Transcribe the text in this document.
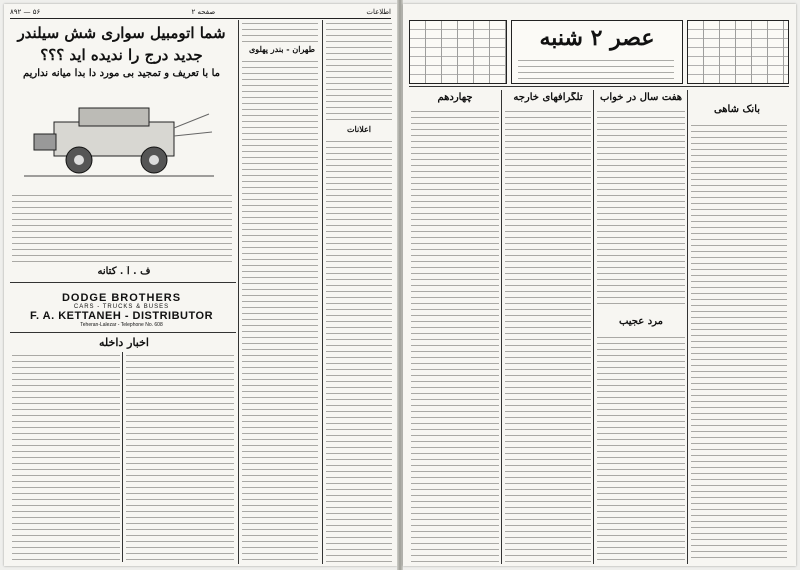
۸۹۲ — ۵۶	صفحه ۲	اطلاعات
شما اتومبیل سواری شش سیلندر
جدید درج را ندیده اید ؟؟؟
ما با تعریف و تمجید بی مورد دا بدا میانه نداریم
ف . آ . کتانه
DODGE BROTHERS
CARS - TRUCKS & BUSES
F. A. KETTANEH - DISTRIBUTOR
Teheran-Lalezar - Telephone No. 608
اخبار داخله
طهران - بندر پهلوی
اعلانات
عصر ۲ شنبه
چهاردهم	تلگرافهای خارجه	هفت سال در خواب
بانک شاهی
مرد عجیب
